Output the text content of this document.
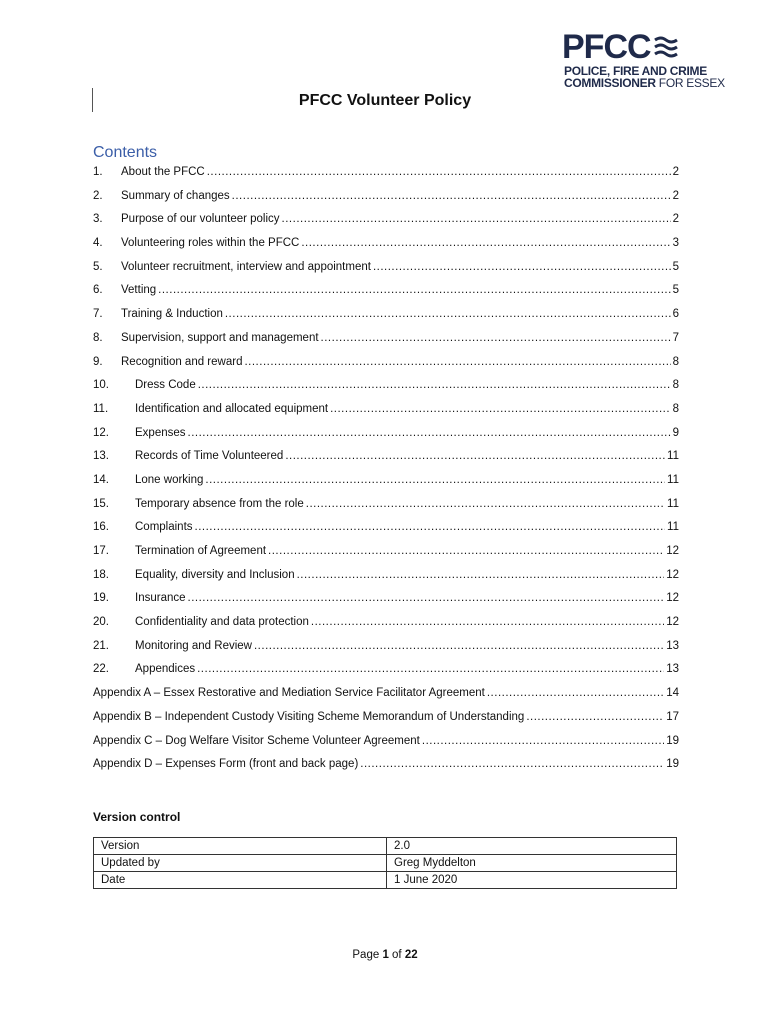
PFCC
POLICE, FIRE AND CRIME
COMMISSIONER FOR ESSEX
PFCC Volunteer Policy
Contents
1.	About the PFCC .....	2
2.	Summary of changes .....	2
3.	Purpose of our volunteer policy .....	2
4.	Volunteering roles within the PFCC .....	3
5.	Volunteer recruitment, interview and appointment .....	5
6.	Vetting .....	5
7.	Training & Induction .....	6
8.	Supervision, support and management .....	7
9.	Recognition and reward .....	8
10.	Dress Code .....	8
11.	Identification and allocated equipment .....	8
12.	Expenses .....	9
13.	Records of Time Volunteered .....	11
14.	Lone working .....	11
15.	Temporary absence from the role .....	11
16.	Complaints .....	11
17.	Termination of Agreement .....	12
18.	Equality, diversity and Inclusion .....	12
19.	Insurance .....	12
20.	Confidentiality and data protection .....	12
21.	Monitoring and Review .....	13
22.	Appendices .....	13
Appendix A – Essex Restorative and Mediation Service Facilitator Agreement .....	14
Appendix B – Independent Custody Visiting Scheme Memorandum of Understanding .....	17
Appendix C – Dog Welfare Visitor Scheme Volunteer Agreement .....	19
Appendix D – Expenses Form (front and back page) .....	19
Version control
Version	2.0
Updated by	Greg Myddelton
Date	1 June 2020
Page 1 of 22
